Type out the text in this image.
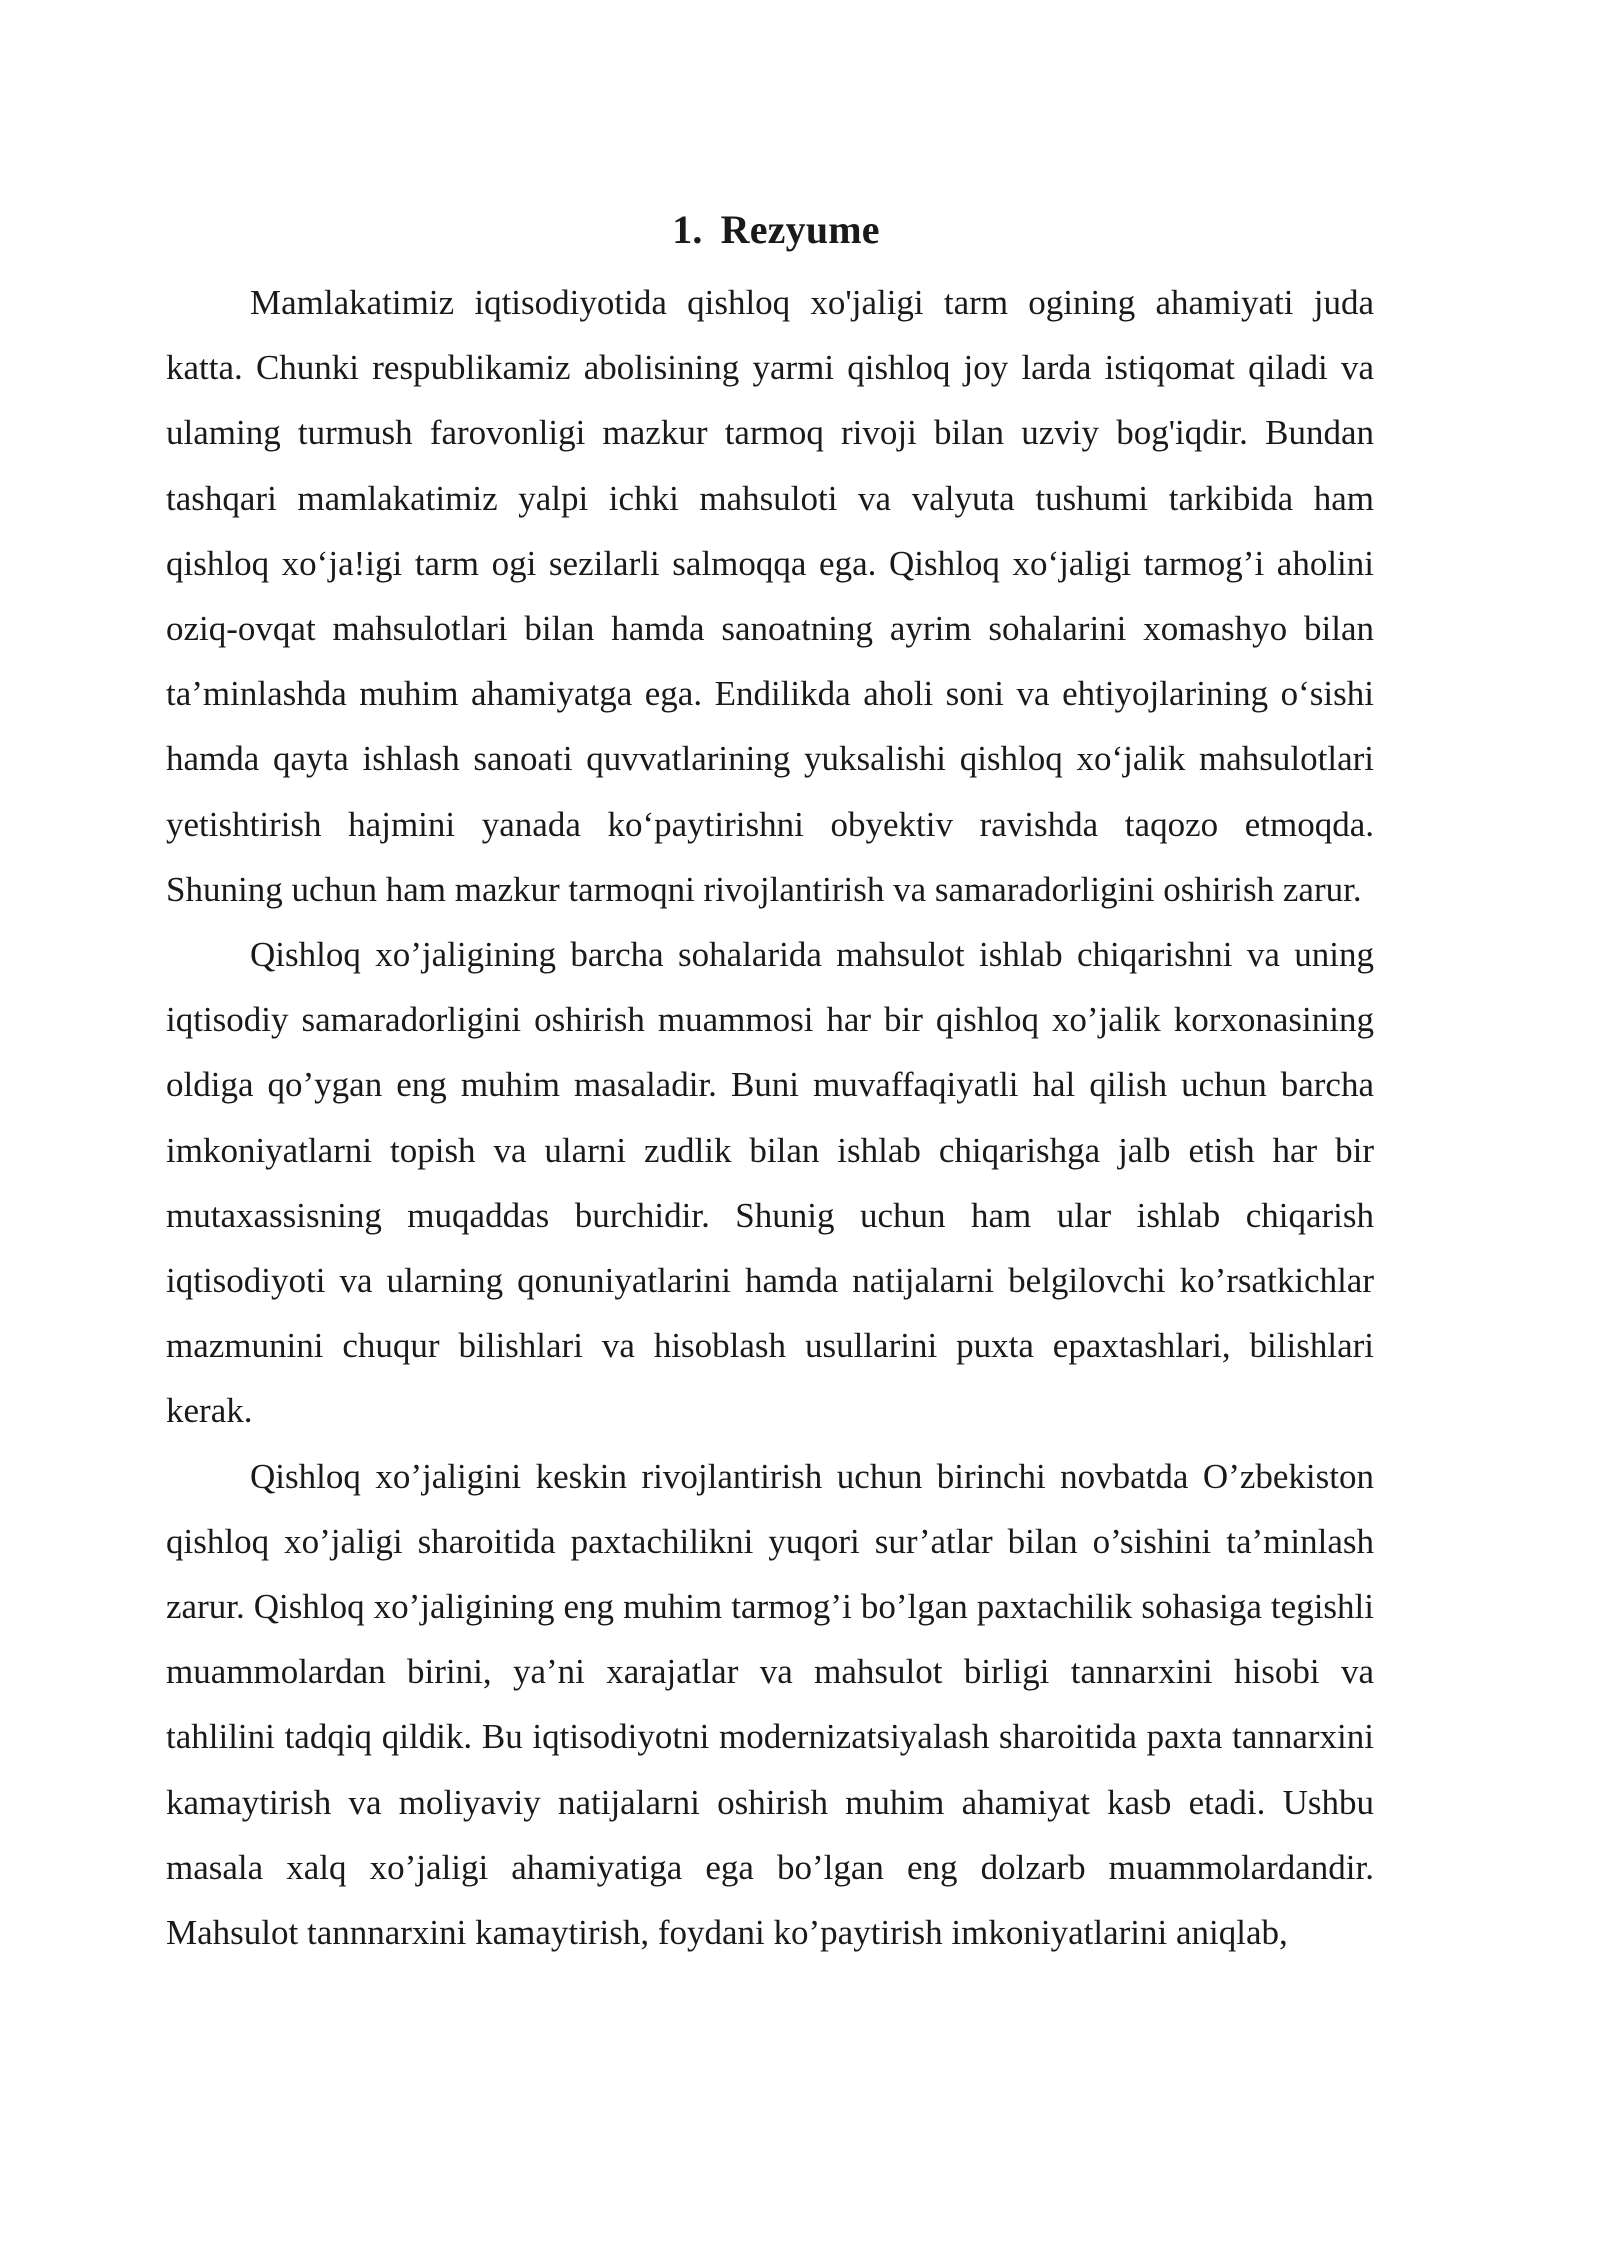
1. Rezyume

Mamlakatimiz iqtisodiyotida qishloq xo'jaligi tarm ogining ahamiyati juda katta. Chunki respublikamiz abolisining yarmi qishloq joy larda istiqomat qiladi va ulaming turmush farovonligi mazkur tarmoq rivoji bilan uzviy bog'iqdir. Bundan tashqari mamlakatimiz yalpi ichki mahsuloti va valyuta tushumi tarkibida ham qishloq xo‘ja!igi tarm ogi sezilarli salmoqqa ega. Qishloq xo‘jaligi tarmog’i aholini oziq-ovqat mahsulotlari bilan hamda sanoatning ayrim sohalarini xomashyo bilan ta’minlashda muhim ahamiyatga ega. Endilikda aholi soni va ehtiyojlarining o‘sishi hamda qayta ishlash sanoati quvvatlarining yuksalishi qishloq xo‘jalik mahsulotlari yetishtirish hajmini yanada ko‘paytirishni obyektiv ravishda taqozo etmoqda. Shuning uchun ham mazkur tarmoqni rivojlantirish va samaradorligini oshirish zarur.

Qishloq xo’jaligining barcha sohalarida mahsulot ishlab chiqarishni va uning iqtisodiy samaradorligini oshirish muammosi har bir qishloq xo’jalik korxonasining oldiga qo’ygan eng muhim masaladir. Buni muvaffaqiyatli hal qilish uchun barcha imkoniyatlarni topish va ularni zudlik bilan ishlab chiqarishga jalb etish har bir mutaxassisning muqaddas burchidir. Shunig uchun ham ular ishlab chiqarish iqtisodiyoti va ularning qonuniyatlarini hamda natijalarni belgilovchi ko’rsatkichlar mazmunini chuqur bilishlari va hisoblash usullarini puxta epaxtashlari, bilishlari kerak.

Qishloq xo’jaligini keskin rivojlantirish uchun birinchi novbatda O’zbekiston qishloq xo’jaligi sharoitida paxtachilikni yuqori sur’atlar bilan o’sishini ta’minlash zarur. Qishloq xo’jaligining eng muhim tarmog’i bo’lgan paxtachilik sohasiga tegishli muammolardan birini, ya’ni xarajatlar va mahsulot birligi tannarxini hisobi va tahlilini tadqiq qildik. Bu iqtisodiyotni modernizatsiyalash sharoitida paxta tannarxini kamaytirish va moliyaviy natijalarni oshirish muhim ahamiyat kasb etadi. Ushbu masala xalq xo’jaligi ahamiyatiga ega bo’lgan eng dolzarb muammolardandir. Mahsulot tannnarxini kamaytirish, foydani ko’paytirish imkoniyatlarini aniqlab,
